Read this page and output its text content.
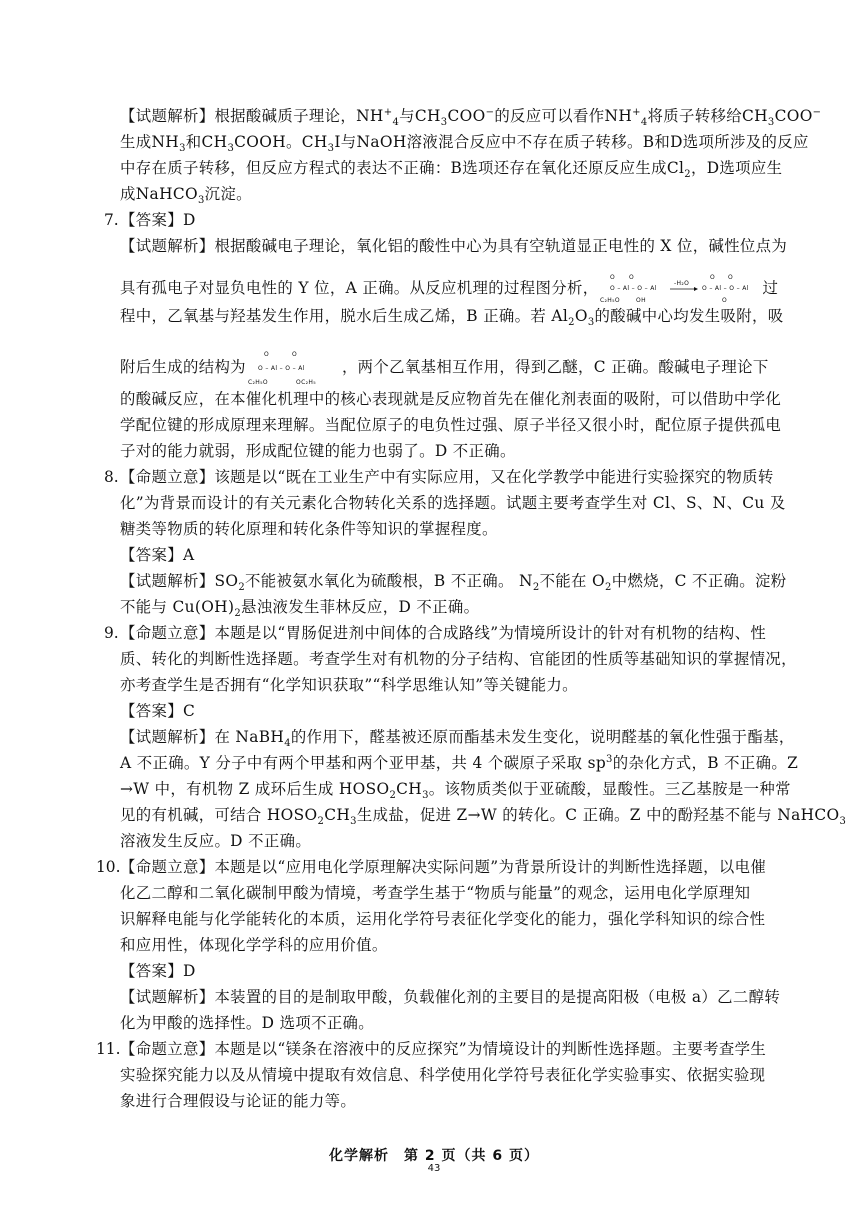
【试题解析】根据酸碱质子理论，$NH^+_4$与$CH_3COO^-$的反应可以看作$NH^+_4$将质子转移给$CH_3COO^-$
生成$NH_3$和$CH_3COOH$。$CH_3I$与NaOH溶液混合反应中不存在质子转移。B和D选项所涉及的反应
中存在质子转移，但反应方程式的表达不正确：B选项还存在氧化还原反应生成$Cl_2$，D选项应生
成NaHCO$_3$沉淀。
7. 【答案】D
【试题解析】根据酸碱电子理论，氧化铝的酸性中心为具有空轨道显正电性的 X 位，碱性位点为
具有孤电子对显负电性的 Y 位，A 正确。从反应机理的过程图分析，
O O
O – Al – O – Al
C₂H₅O	OH
-H₂O
O O
O – Al – O – Al
O
过
程中，乙氧基与羟基发生作用，脱水后生成乙烯，B 正确。若 $Al_2O_3$的酸碱中心均发生吸附，吸
附后生成的结构为
O	O
O – Al – O – Al
C₂H₅O	OC₂H₅
，两个乙氧基相互作用，得到乙醚，C 正确。酸碱电子理论下
的酸碱反应，在本催化机理中的核心表现就是反应物首先在催化剂表面的吸附，可以借助中学化
学配位键的形成原理来理解。当配位原子的电负性过强、原子半径又很小时，配位原子提供孤电
子对的能力就弱，形成配位键的能力也弱了。D 不正确。
8. 【命题立意】该题是以“既在工业生产中有实际应用，又在化学教学中能进行实验探究的物质转
化”为背景而设计的有关元素化合物转化关系的选择题。试题主要考查学生对 Cl、S、N、Cu 及
糖类等物质的转化原理和转化条件等知识的掌握程度。
【答案】A
【试题解析】$SO_2$不能被氨水氧化为硫酸根，B 不正确。 $N_2$不能在 $O_2$中燃烧，C 不正确。淀粉
不能与 $Cu(OH)_2$悬浊液发生菲林反应，D 不正确。
9. 【命题立意】本题是以“胃肠促进剂中间体的合成路线”为情境所设计的针对有机物的结构、性
质、转化的判断性选择题。考查学生对有机物的分子结构、官能团的性质等基础知识的掌握情况，
亦考查学生是否拥有“化学知识获取”“科学思维认知”等关键能力。
【答案】C
【试题解析】在 NaBH$_4$的作用下，醛基被还原而酯基未发生变化，说明醛基的氧化性强于酯基，
A 不正确。Y 分子中有两个甲基和两个亚甲基，共 4 个碳原子采取 $sp^3$的杂化方式，B 不正确。Z
→W 中，有机物 Z 成环后生成 $HOSO_2CH_3$。该物质类似于亚硫酸，显酸性。三乙基胺是一种常
见的有机碱，可结合 $HOSO_2CH_3$生成盐，促进 Z→W 的转化。C 正确。Z 中的酚羟基不能与 NaHCO$_3$
溶液发生反应。D 不正确。
10. 【命题立意】本题是以“应用电化学原理解决实际问题”为背景所设计的判断性选择题，以电催
化乙二醇和二氧化碳制甲酸为情境，考查学生基于“物质与能量”的观念，运用电化学原理知
识解释电能与化学能转化的本质，运用化学符号表征化学变化的能力，强化学科知识的综合性
和应用性，体现化学学科的应用价值。
【答案】D
【试题解析】本装置的目的是制取甲酸，负载催化剂的主要目的是提高阳极（电极 a）乙二醇转
化为甲酸的选择性。D 选项不正确。
11. 【命题立意】本题是以“镁条在溶液中的反应探究”为情境设计的判断性选择题。主要考查学生
实验探究能力以及从情境中提取有效信息、科学使用化学符号表征化学实验事实、依据实验现
象进行合理假设与论证的能力等。
化学解析　第 2 页（共 6 页）
43
